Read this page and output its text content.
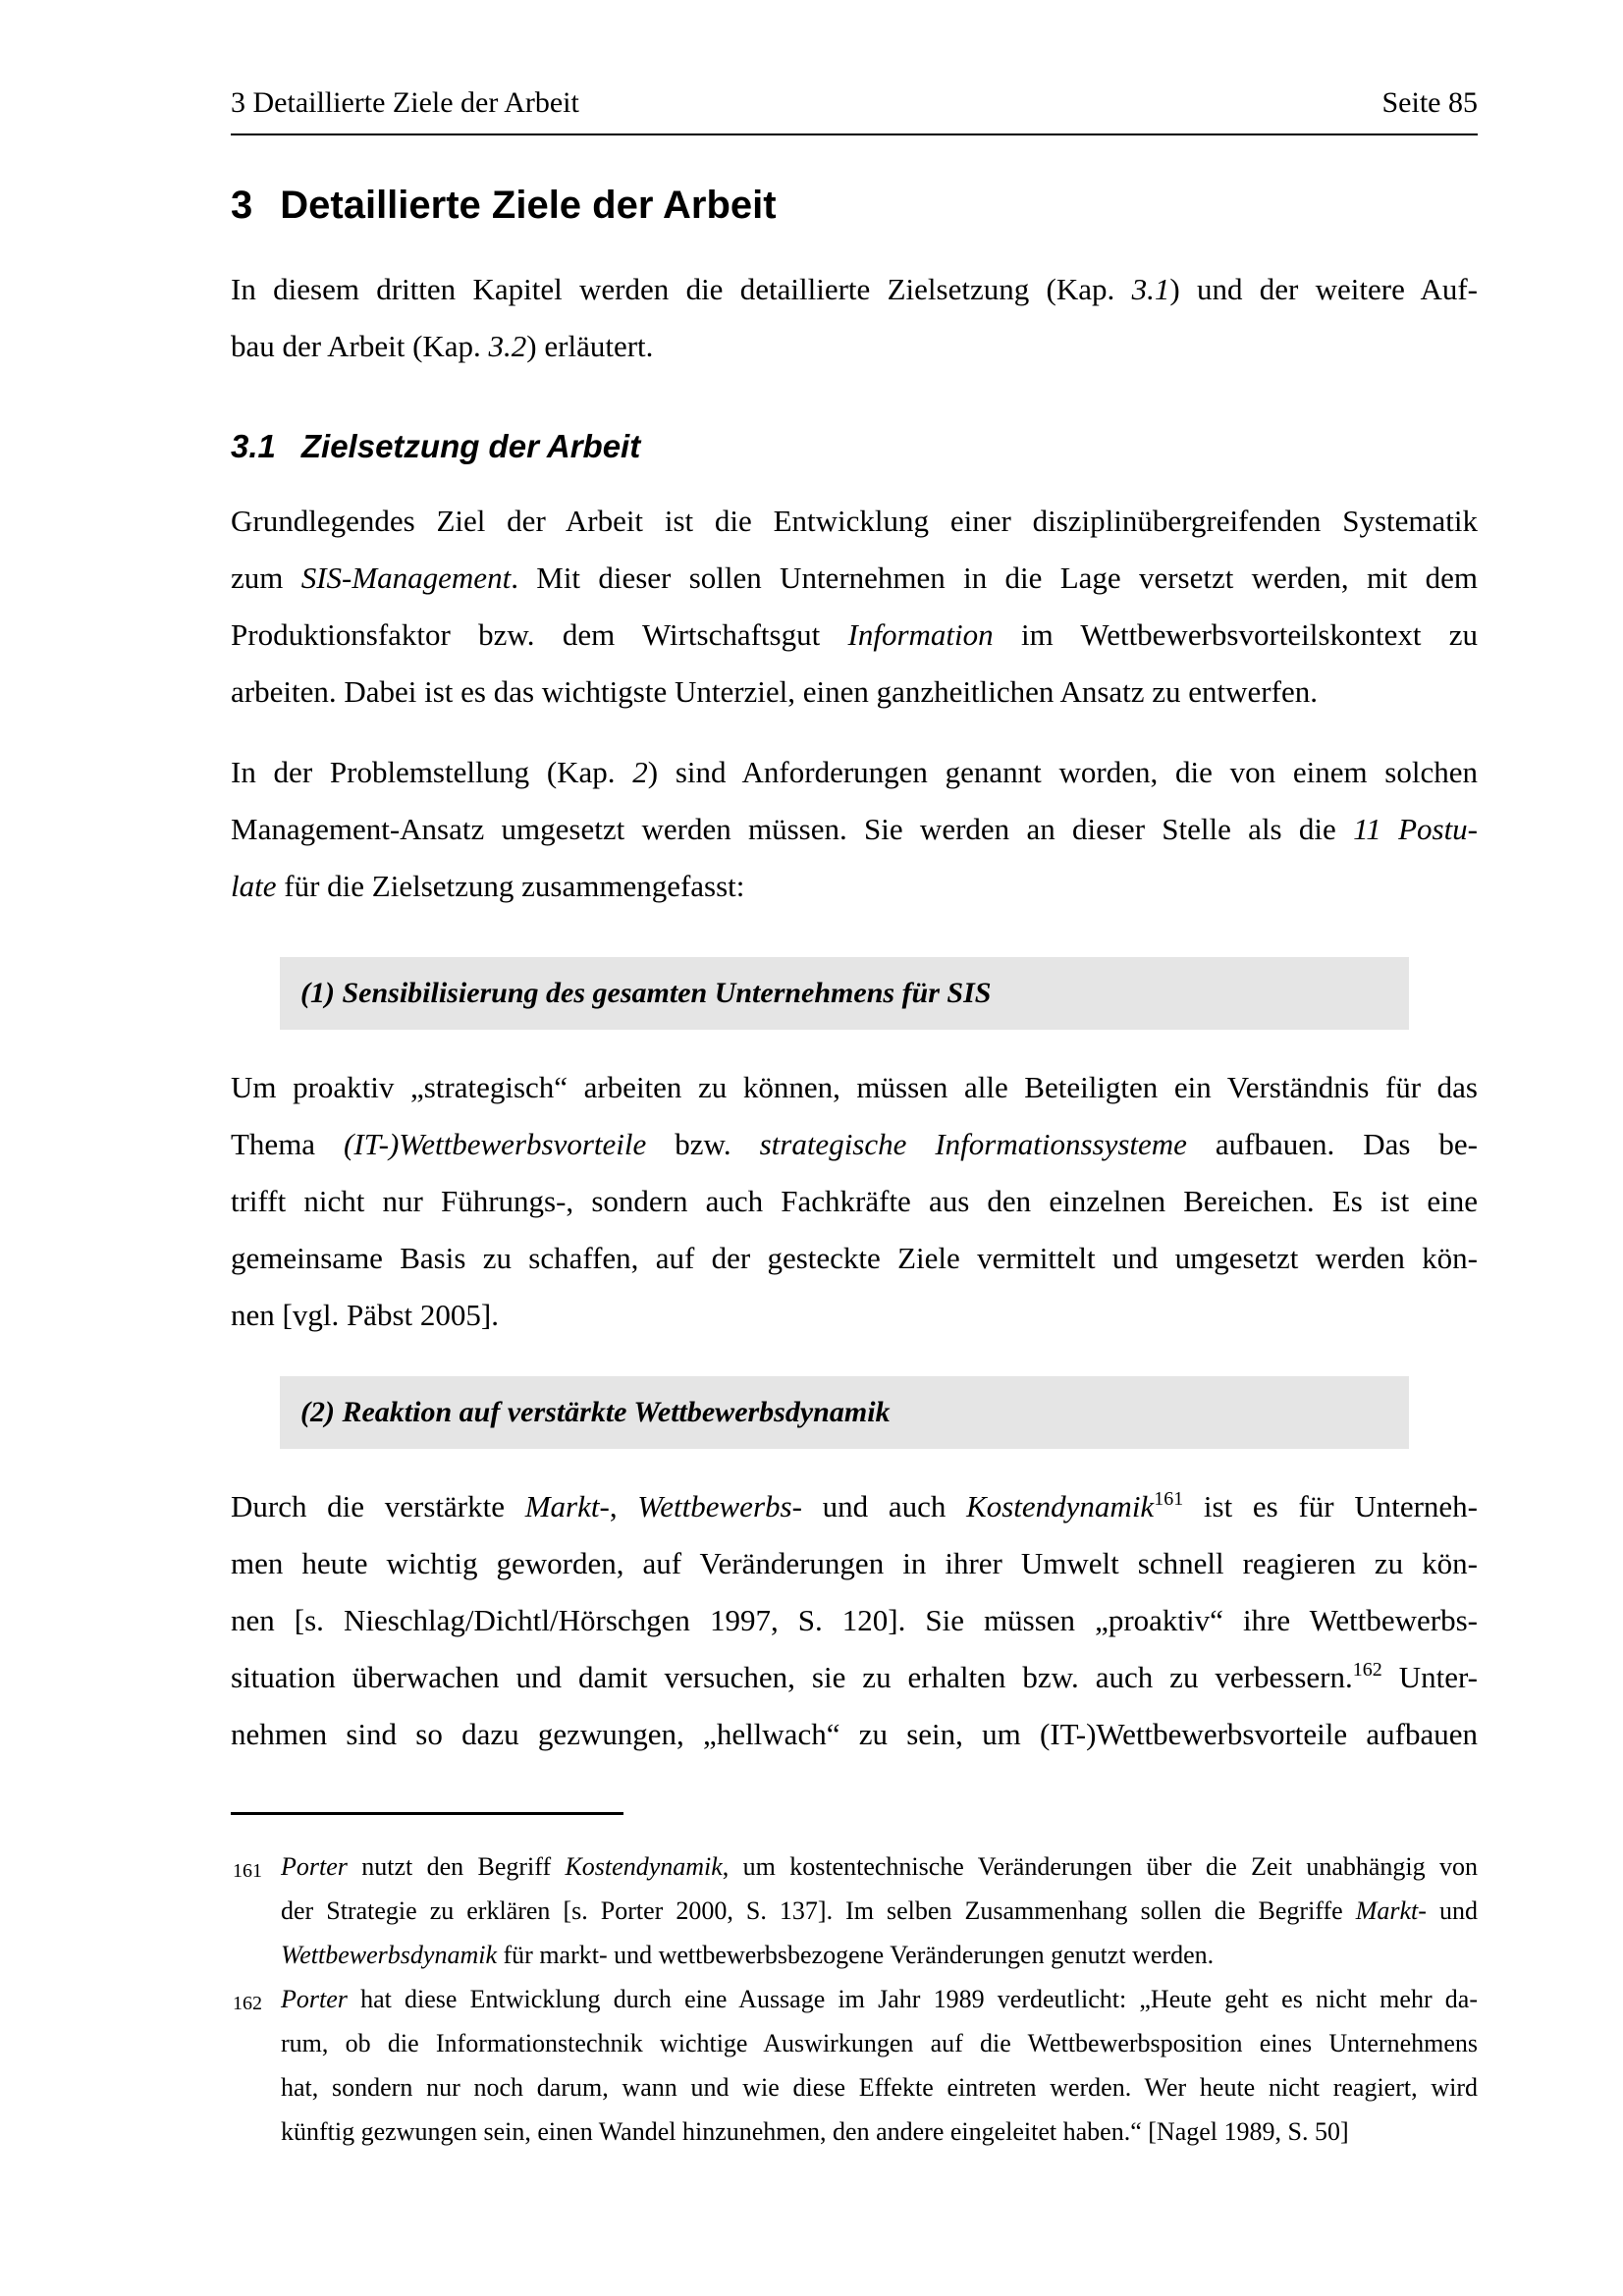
3 Detaillierte Ziele der Arbeit	Seite 85
3 Detaillierte Ziele der Arbeit
In diesem dritten Kapitel werden die detaillierte Zielsetzung (Kap. 3.1) und der weitere Auf-
bau der Arbeit (Kap. 3.2) erläutert.
3.1 Zielsetzung der Arbeit
Grundlegendes Ziel der Arbeit ist die Entwicklung einer disziplinübergreifenden Systematik
zum SIS-Management. Mit dieser sollen Unternehmen in die Lage versetzt werden, mit dem
Produktionsfaktor bzw. dem Wirtschaftsgut Information im Wettbewerbsvorteilskontext zu
arbeiten. Dabei ist es das wichtigste Unterziel, einen ganzheitlichen Ansatz zu entwerfen.
In der Problemstellung (Kap. 2) sind Anforderungen genannt worden, die von einem solchen
Management-Ansatz umgesetzt werden müssen. Sie werden an dieser Stelle als die 11 Postu-
late für die Zielsetzung zusammengefasst:
(1) Sensibilisierung des gesamten Unternehmens für SIS
Um proaktiv „strategisch“ arbeiten zu können, müssen alle Beteiligten ein Verständnis für das
Thema (IT-)Wettbewerbsvorteile bzw. strategische Informationssysteme aufbauen. Das be-
trifft nicht nur Führungs-, sondern auch Fachkräfte aus den einzelnen Bereichen. Es ist eine
gemeinsame Basis zu schaffen, auf der gesteckte Ziele vermittelt und umgesetzt werden kön-
nen [vgl. Päbst 2005].
(2) Reaktion auf verstärkte Wettbewerbsdynamik
Durch die verstärkte Markt-, Wettbewerbs- und auch Kostendynamik$^{161}$ ist es für Unterneh-
men heute wichtig geworden, auf Veränderungen in ihrer Umwelt schnell reagieren zu kön-
nen [s. Nieschlag/Dichtl/Hörschgen 1997, S. 120]. Sie müssen „proaktiv“ ihre Wettbewerbs-
situation überwachen und damit versuchen, sie zu erhalten bzw. auch zu verbessern.$^{162}$ Unter-
nehmen sind so dazu gezwungen, „hellwach“ zu sein, um (IT-)Wettbewerbsvorteile aufbauen
161 Porter nutzt den Begriff Kostendynamik, um kostentechnische Veränderungen über die Zeit unabhängig von
der Strategie zu erklären [s. Porter 2000, S. 137]. Im selben Zusammenhang sollen die Begriffe Markt- und
Wettbewerbsdynamik für markt- und wettbewerbsbezogene Veränderungen genutzt werden.
162 Porter hat diese Entwicklung durch eine Aussage im Jahr 1989 verdeutlicht: „Heute geht es nicht mehr da-
rum, ob die Informationstechnik wichtige Auswirkungen auf die Wettbewerbsposition eines Unternehmens
hat, sondern nur noch darum, wann und wie diese Effekte eintreten werden. Wer heute nicht reagiert, wird
künftig gezwungen sein, einen Wandel hinzunehmen, den andere eingeleitet haben.“ [Nagel 1989, S. 50]
